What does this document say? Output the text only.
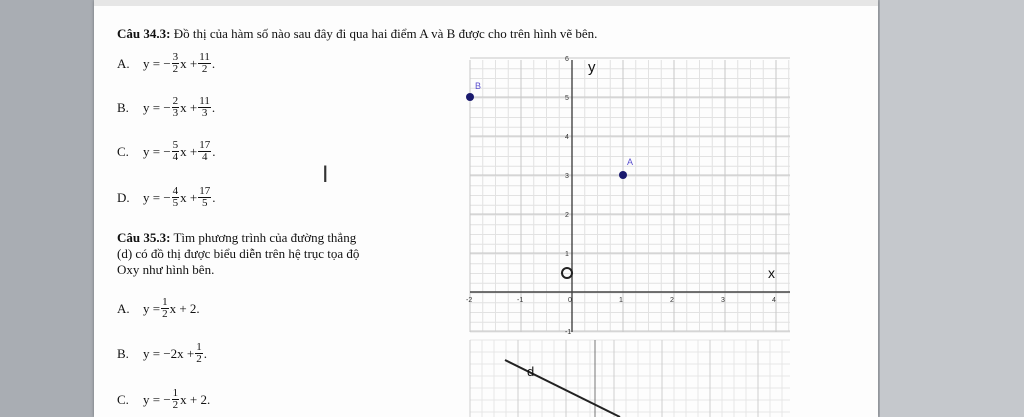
Câu 34.3: Đồ thị của hàm số nào sau đây đi qua hai điểm A và B được cho trên hình vẽ bên.
A.	y = − $\frac{3}{2}$ $x + \frac{11}{2}$ .
B.	y = − $\frac{2}{3}$ $x + \frac{11}{3}$ .
C.	y = − $\frac{5}{4}$ $x + \frac{17}{4}$ .
D.	y = − $\frac{4}{5}$ $x + \frac{17}{5}$ .
Câu 35.3: Tìm phương trình của đường thẳng
(d) có đồ thị được biểu diễn trên hệ trục tọa độ
Oxy như hình bên.
A.	$y = \frac{1}{2}$ x + 2.
B.	$y = -2x + \frac{1}{2}$ .
C.	y = − $\frac{1}{2}$ x + 2.
I
6
5
4
3
2
1
-1
-2	-1	0	1	2	3	4
y
x
A
B
d
